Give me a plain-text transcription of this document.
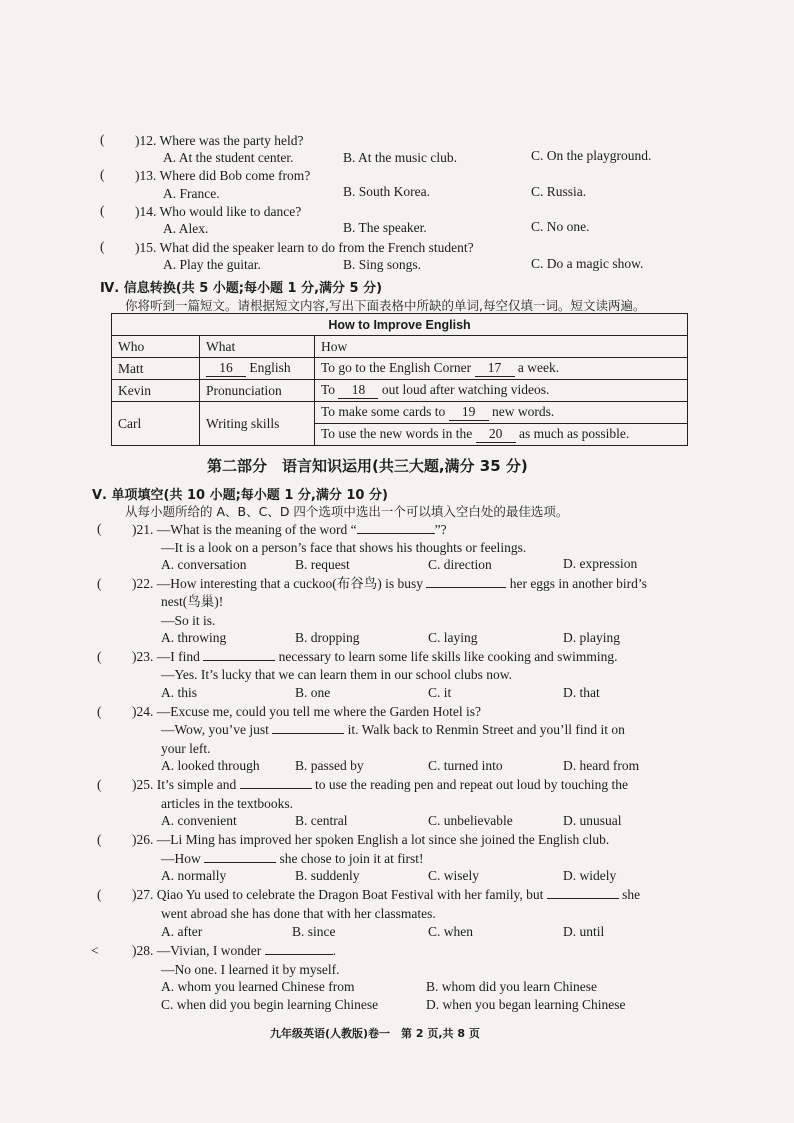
( )12. Where was the party held?
A. At the student center.	B. At the music club.	C. On the playground.
( )13. Where did Bob come from?
A. France.	B. South Korea.	C. Russia.
( )14. Who would like to dance?
A. Alex.	B. The speaker.	C. No one.
( )15. What did the speaker learn to do from the French student?
A. Play the guitar.	B. Sing songs.	C. Do a magic show.
Ⅳ. 信息转换(共 5 小题;每小题 1 分,满分 5 分)
你将听到一篇短文。请根据短文内容,写出下面表格中所缺的单词,每空仅填一词。短文读两遍。
How to Improve English		
Who	What	How
Matt	16 English	To go to the English Corner 17 a week.
Kevin	Pronunciation	To 18 out loud after watching videos.
Carl	Writing skills	To make some cards to 19 new words.
		To use the new words in the 20 as much as possible.
第二部分　语言知识运用(共三大题,满分 35 分)
Ⅴ. 单项填空(共 10 小题;每小题 1 分,满分 10 分)
从每小题所给的 A、B、C、D 四个选项中选出一个可以填入空白处的最佳选项。
( )21. —What is the meaning of the word “	”?
—It is a look on a person’s face that shows his thoughts or feelings.
A. conversation	B. request	C. direction	D. expression
( )22. —How interesting that a cuckoo(布谷鸟) is busy	her eggs in another bird’s
nest(鸟巢)!
—So it is.
A. throwing	B. dropping	C. laying	D. playing
( )23. —I find	necessary to learn some life skills like cooking and swimming.
—Yes. It’s lucky that we can learn them in our school clubs now.
A. this	B. one	C. it	D. that
( )24. —Excuse me, could you tell me where the Garden Hotel is?
—Wow, you’ve just	it. Walk back to Renmin Street and you’ll find it on
your left.
A. looked through	B. passed by	C. turned into	D. heard from
( )25. It’s simple and	to use the reading pen and repeat out loud by touching the
articles in the textbooks.
A. convenient	B. central	C. unbelievable	D. unusual
( )26. —Li Ming has improved her spoken English a lot since she joined the English club.
—How	she chose to join it at first!
A. normally	B. suddenly	C. wisely	D. widely
( )27. Qiao Yu used to celebrate the Dragon Boat Festival with her family, but	she
went abroad she has done that with her classmates.
A. after	B. since	C. when	D. until
< )28. —Vivian, I wonder	.
—No one. I learned it by myself.
A. whom you learned Chinese from	B. whom did you learn Chinese
C. when did you begin learning Chinese	D. when you began learning Chinese
九年级英语(人教版)卷一　第 2 页,共 8 页
